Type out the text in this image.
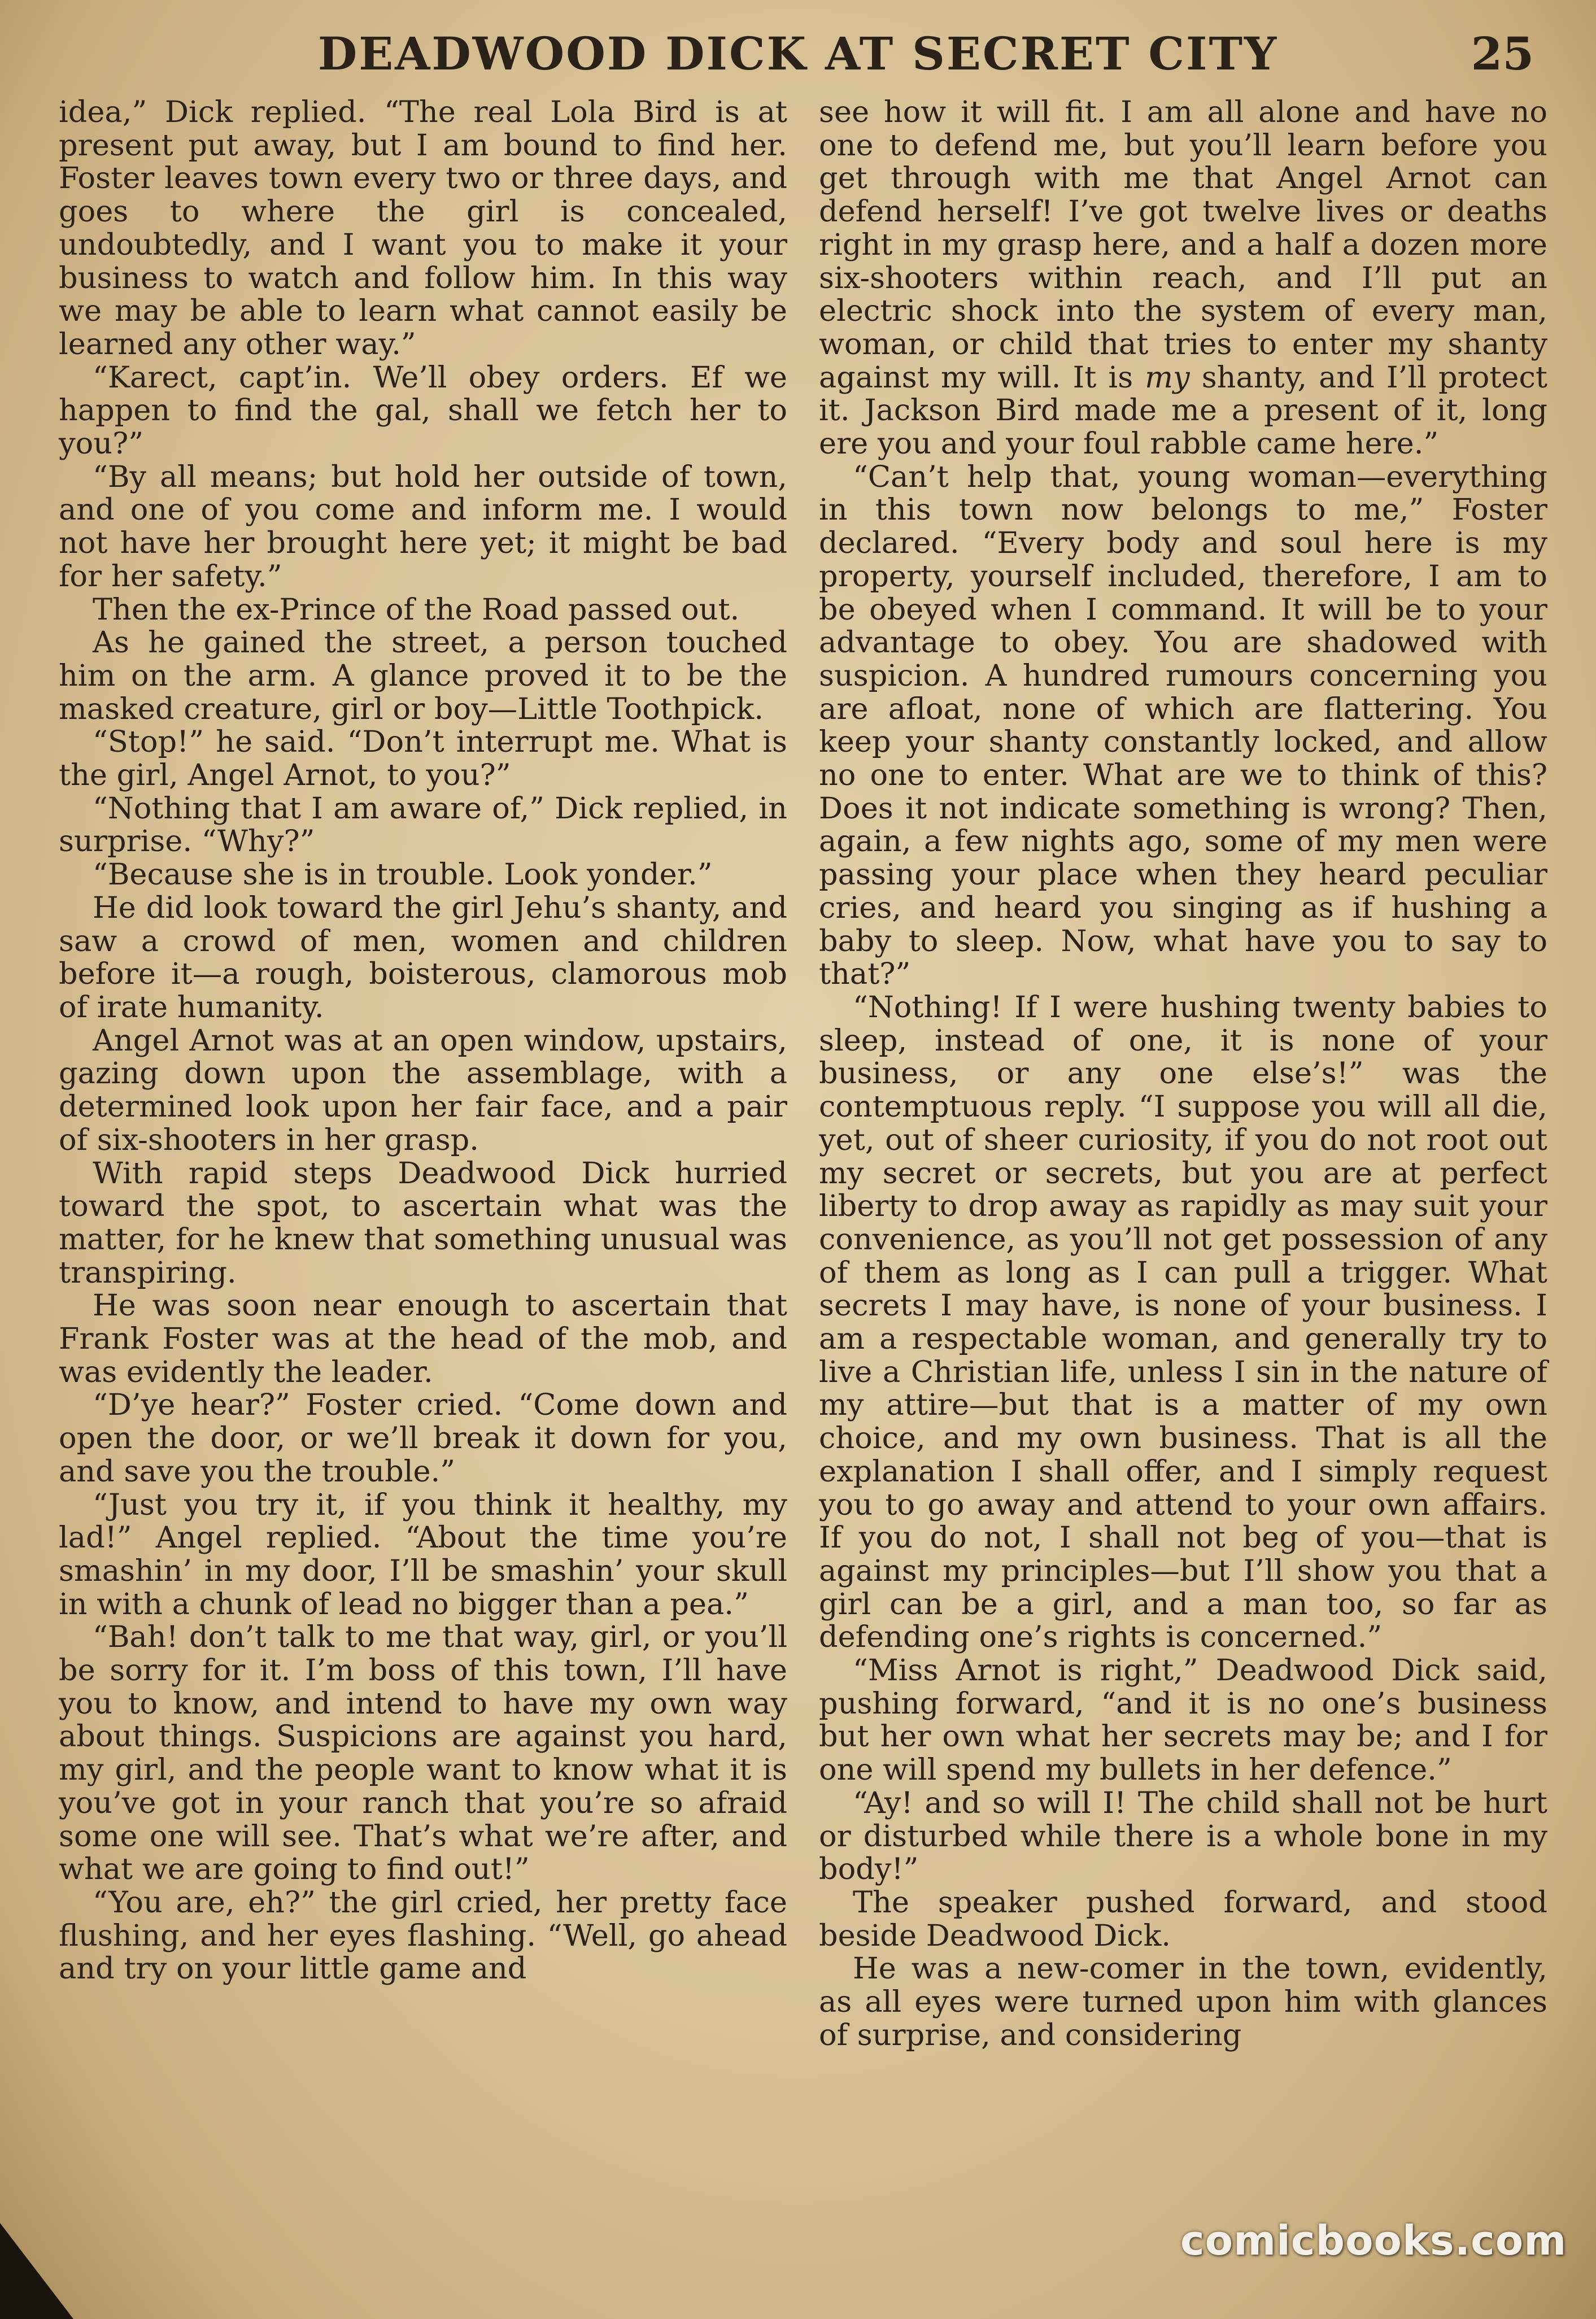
DEADWOOD DICK AT SECRET CITY	25

idea,” Dick replied. “The real Lola Bird is at present put away, but I am bound to find her. Foster leaves town every two or three days, and goes to where the girl is concealed, undoubtedly, and I want you to make it your business to watch and follow him. In this way we may be able to learn what cannot easily be learned any other way.”

“Karect, capt’in. We’ll obey orders. Ef we happen to find the gal, shall we fetch her to you?”

“By all means; but hold her outside of town, and one of you come and inform me. I would not have her brought here yet; it might be bad for her safety.”

Then the ex-Prince of the Road passed out.

As he gained the street, a person touched him on the arm. A glance proved it to be the masked creature, girl or boy—Little Toothpick.

“Stop!” he said. “Don’t interrupt me. What is the girl, Angel Arnot, to you?”

“Nothing that I am aware of,” Dick replied, in surprise. “Why?”

“Because she is in trouble. Look yonder.”

He did look toward the girl Jehu’s shanty, and saw a crowd of men, women and children before it—a rough, boisterous, clamorous mob of irate humanity.

Angel Arnot was at an open window, upstairs, gazing down upon the assemblage, with a determined look upon her fair face, and a pair of six-shooters in her grasp.

With rapid steps Deadwood Dick hurried toward the spot, to ascertain what was the matter, for he knew that something unusual was transpiring.

He was soon near enough to ascertain that Frank Foster was at the head of the mob, and was evidently the leader.

“D’ye hear?” Foster cried. “Come down and open the door, or we’ll break it down for you, and save you the trouble.”

“Just you try it, if you think it healthy, my lad!” Angel replied. “About the time you’re smashin’ in my door, I’ll be smashin’ your skull in with a chunk of lead no bigger than a pea.”

“Bah! don’t talk to me that way, girl, or you’ll be sorry for it. I’m boss of this town, I’ll have you to know, and intend to have my own way about things. Suspicions are against you hard, my girl, and the people want to know what it is you’ve got in your ranch that you’re so afraid some one will see. That’s what we’re after, and what we are going to find out!”

“You are, eh?” the girl cried, her pretty face flushing, and her eyes flashing. “Well, go ahead and try on your little game and

see how it will fit. I am all alone and have no one to defend me, but you’ll learn before you get through with me that Angel Arnot can defend herself! I’ve got twelve lives or deaths right in my grasp here, and a half a dozen more six-shooters within reach, and I’ll put an electric shock into the system of every man, woman, or child that tries to enter my shanty against my will. It is my shanty, and I’ll protect it. Jackson Bird made me a present of it, long ere you and your foul rabble came here.”

“Can’t help that, young woman—everything in this town now belongs to me,” Foster declared. “Every body and soul here is my property, yourself included, therefore, I am to be obeyed when I command. It will be to your advantage to obey. You are shadowed with suspicion. A hundred rumours concerning you are afloat, none of which are flattering. You keep your shanty constantly locked, and allow no one to enter. What are we to think of this? Does it not indicate something is wrong? Then, again, a few nights ago, some of my men were passing your place when they heard peculiar cries, and heard you singing as if hushing a baby to sleep. Now, what have you to say to that?”

“Nothing! If I were hushing twenty babies to sleep, instead of one, it is none of your business, or any one else’s!” was the contemptuous reply. “I suppose you will all die, yet, out of sheer curiosity, if you do not root out my secret or secrets, but you are at perfect liberty to drop away as rapidly as may suit your convenience, as you’ll not get possession of any of them as long as I can pull a trigger. What secrets I may have, is none of your business. I am a respectable woman, and generally try to live a Christian life, unless I sin in the nature of my attire—but that is a matter of my own choice, and my own business. That is all the explanation I shall offer, and I simply request you to go away and attend to your own affairs. If you do not, I shall not beg of you—that is against my principles—but I’ll show you that a girl can be a girl, and a man too, so far as defending one’s rights is concerned.”

“Miss Arnot is right,” Deadwood Dick said, pushing forward, “and it is no one’s business but her own what her secrets may be; and I for one will spend my bullets in her defence.”

“Ay! and so will I! The child shall not be hurt or disturbed while there is a whole bone in my body!”

The speaker pushed forward, and stood beside Deadwood Dick.

He was a new-comer in the town, evidently, as all eyes were turned upon him with glances of surprise, and considering

comicbooks.com
